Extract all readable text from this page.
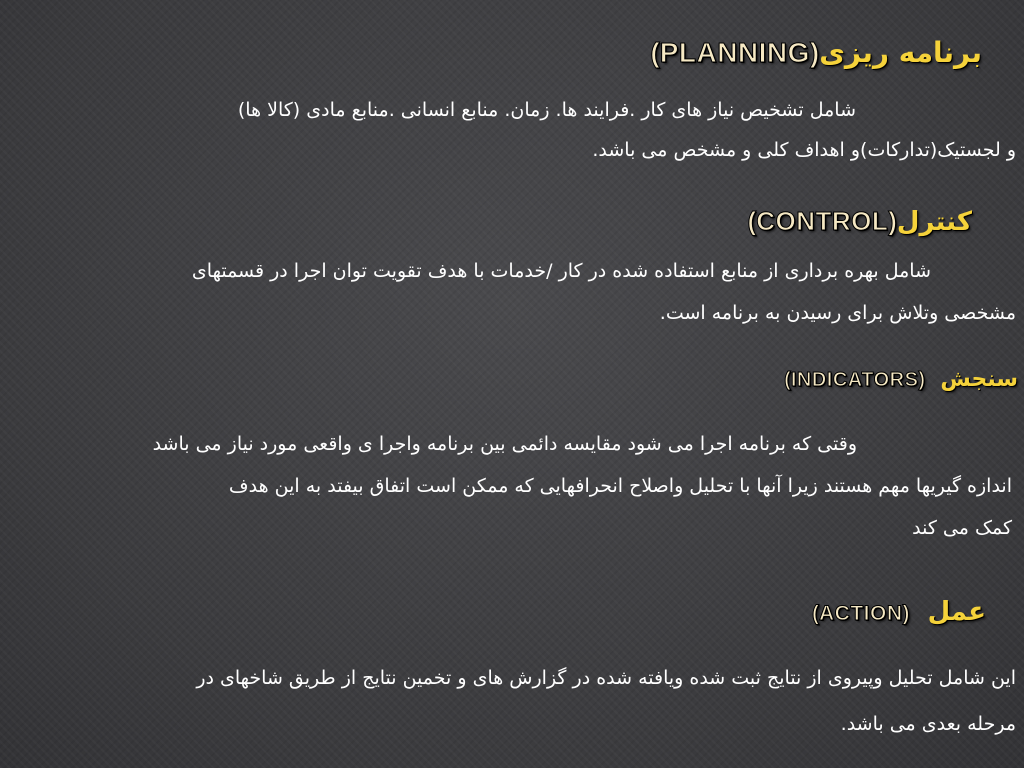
برنامه ریزی(PLANNING)
شامل تشخیص نیاز های کار .فرایند ها. زمان. منابع انسانی .منابع مادی (کالا ها)
و لجستیک(تدارکات)و اهداف کلی و مشخص می باشد.
کنترل(CONTROL)
شامل بهره برداری از منابع استفاده شده در کار /خدمات با هدف تقویت توان اجرا در قسمتهای
مشخصی وتلاش برای رسیدن به برنامه است.
سنجش  (INDICATORS)
وقتی که برنامه اجرا می شود مقایسه دائمی بین برنامه واجرا ی واقعی مورد نیاز می باشد
اندازه گیریها مهم هستند زیرا آنها با تحلیل واصلاح انحرافهایی که ممکن است اتفاق بیفتد به این هدف
کمک می کند
عمل  (ACTION)
این شامل تحلیل وپیروی از نتایج ثبت شده ویافته شده در گزارش های و تخمین نتایج از طریق شاخهای در
مرحله بعدی می باشد.
